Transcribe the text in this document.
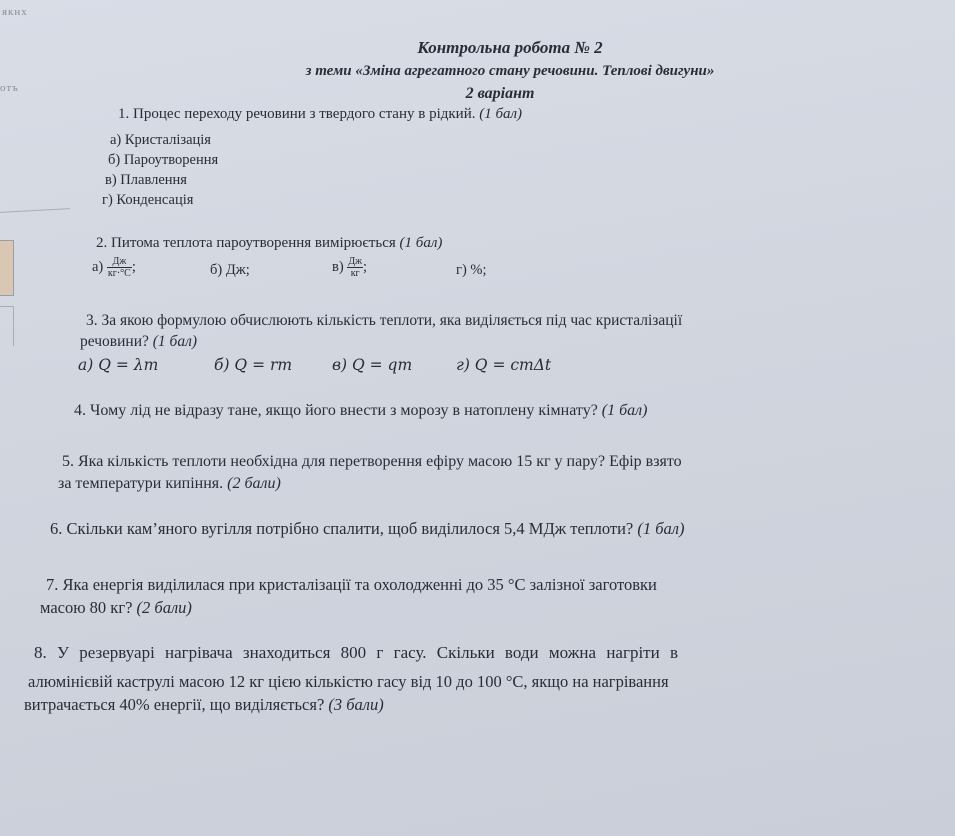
якнх
отъ
Контрольна робота № 2
з теми «Зміна агрегатного стану речовини. Теплові двигуни»
2 варіант
1. Процес переходу речовини з твердого стану в рідкий. (1 бал)
а) Кристалізація
б) Пароутворення
в) Плавлення
г) Конденсація
2. Питома теплота пароутворення вимірюється (1 бал)
$а) \frac{Дж}{кг\cdot^\circ С}$ ;	б) Дж;	$в) \frac{Дж}{кг}$ ;	г) %;
3. За якою формулою обчислюють кількість теплоти, яка виділяється під час кристалізації
речовини? (1 бал)
а) Q = λm	б) Q = rm	в) Q = qm	г) Q = cmΔt
4. Чому лід не відразу тане, якщо його внести з морозу в натоплену кімнату? (1 бал)
5. Яка кількість теплоти необхідна для перетворення ефіру масою 15 кг у пару? Ефір взято
за температури кипіння. (2 бали)
6. Скільки кам’яного вугілля потрібно спалити, щоб виділилося 5,4 МДж теплоти? (1 бал)
7. Яка енергія виділилася при кристалізації та охолодженні до 35 °С залізної заготовки
масою 80 кг? (2 бали)
8. У резервуарі нагрівача знаходиться 800 г гасу. Скільки води можна нагріти в
алюмінієвій каструлі масою 12 кг цією кількістю гасу від 10 до 100 °С, якщо на нагрівання
витрачається 40% енергії, що виділяється? (3 бали)
